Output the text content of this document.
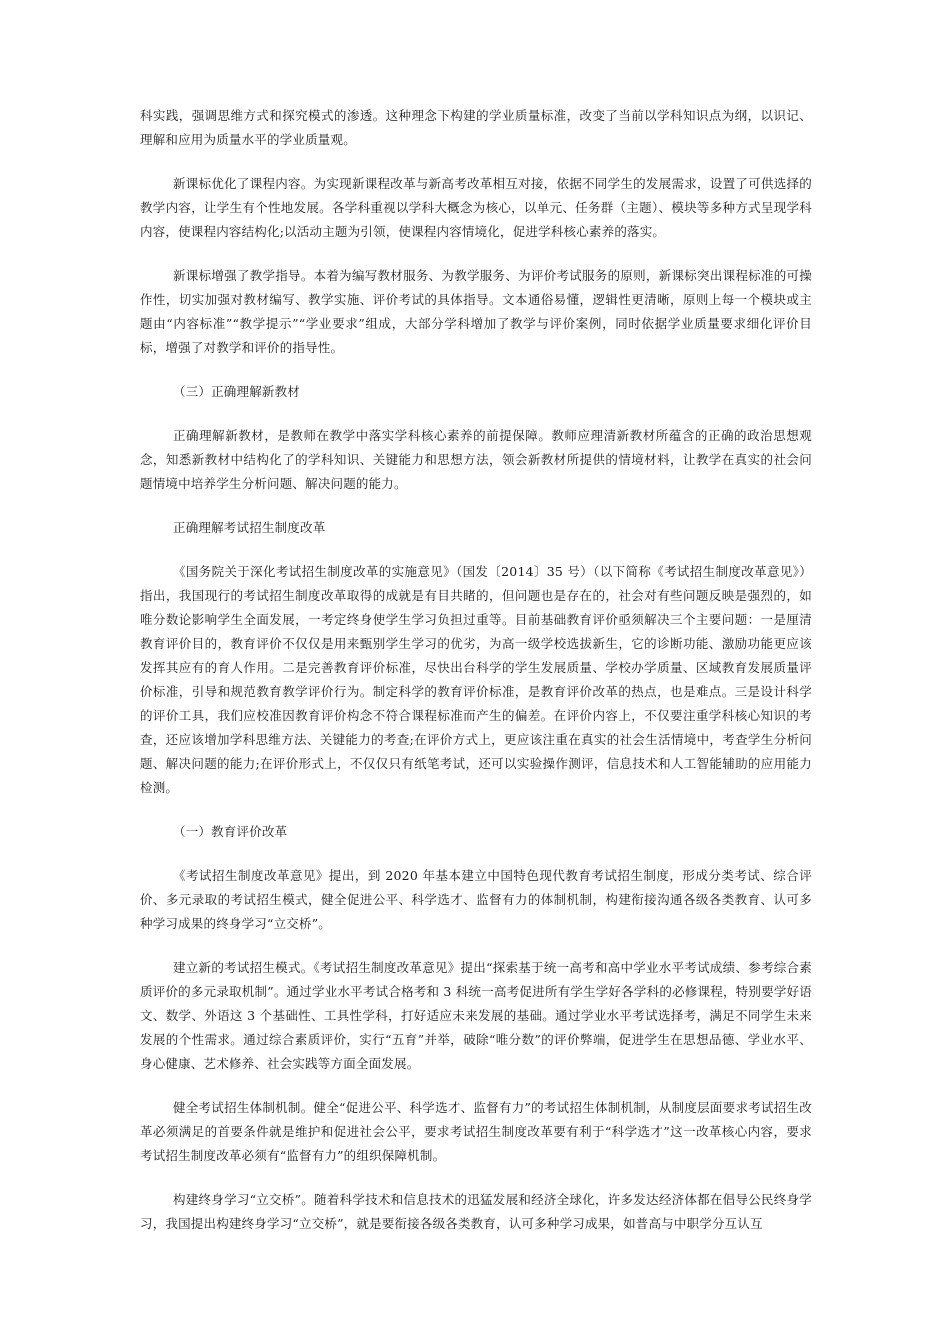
科实践，强调思维方式和探究模式的渗透。这种理念下构建的学业质量标准，改变了当前以学科知识点为纲，以识记、理解和应用为质量水平的学业质量观。

新课标优化了课程内容。为实现新课程改革与新高考改革相互对接，依据不同学生的发展需求，设置了可供选择的教学内容，让学生有个性地发展。各学科重视以学科大概念为核心，以单元、任务群（主题）、模块等多种方式呈现学科内容，使课程内容结构化;以活动主题为引领，使课程内容情境化，促进学科核心素养的落实。

新课标增强了教学指导。本着为编写教材服务、为教学服务、为评价考试服务的原则，新课标突出课程标准的可操作性，切实加强对教材编写、教学实施、评价考试的具体指导。文本通俗易懂，逻辑性更清晰，原则上每一个模块或主题由“内容标准”“教学提示”“学业要求”组成，大部分学科增加了教学与评价案例，同时依据学业质量要求细化评价目标，增强了对教学和评价的指导性。

（三）正确理解新教材

正确理解新教材，是教师在教学中落实学科核心素养的前提保障。教师应理清新教材所蕴含的正确的政治思想观念，知悉新教材中结构化了的学科知识、关键能力和思想方法，领会新教材所提供的情境材料，让教学在真实的社会问题情境中培养学生分析问题、解决问题的能力。

正确理解考试招生制度改革

《国务院关于深化考试招生制度改革的实施意见》（国发〔2014〕35 号）（以下简称《考试招生制度改革意见》）指出，我国现行的考试招生制度改革取得的成就是有目共睹的，但问题也是存在的，社会对有些问题反映是强烈的，如唯分数论影响学生全面发展，一考定终身使学生学习负担过重等。目前基础教育评价亟须解决三个主要问题：一是厘清教育评价目的，教育评价不仅仅是用来甄别学生学习的优劣，为高一级学校选拔新生，它的诊断功能、激励功能更应该发挥其应有的育人作用。二是完善教育评价标准，尽快出台科学的学生发展质量、学校办学质量、区域教育发展质量评价标准，引导和规范教育教学评价行为。制定科学的教育评价标准，是教育评价改革的热点，也是难点。三是设计科学的评价工具，我们应校准因教育评价构念不符合课程标准而产生的偏差。在评价内容上，不仅要注重学科核心知识的考查，还应该增加学科思维方法、关键能力的考查;在评价方式上，更应该注重在真实的社会生活情境中，考查学生分析问题、解决问题的能力;在评价形式上，不仅仅只有纸笔考试，还可以实验操作测评，信息技术和人工智能辅助的应用能力检测。

（一）教育评价改革

《考试招生制度改革意见》提出，到 2020 年基本建立中国特色现代教育考试招生制度，形成分类考试、综合评价、多元录取的考试招生模式，健全促进公平、科学选才、监督有力的体制机制，构建衔接沟通各级各类教育、认可多种学习成果的终身学习“立交桥”。

建立新的考试招生模式。《考试招生制度改革意见》提出“探索基于统一高考和高中学业水平考试成绩、参考综合素质评价的多元录取机制”。通过学业水平考试合格考和 3 科统一高考促进所有学生学好各学科的必修课程，特别要学好语文、数学、外语这 3 个基础性、工具性学科，打好适应未来发展的基础。通过学业水平考试选择考，满足不同学生未来发展的个性需求。通过综合素质评价，实行“五育”并举，破除“唯分数”的评价弊端，促进学生在思想品德、学业水平、身心健康、艺术修养、社会实践等方面全面发展。

健全考试招生体制机制。健全“促进公平、科学选才、监督有力”的考试招生体制机制，从制度层面要求考试招生改革必须满足的首要条件就是维护和促进社会公平，要求考试招生制度改革要有利于“科学选才”这一改革核心内容，要求考试招生制度改革必须有“监督有力”的组织保障机制。

构建终身学习“立交桥”。随着科学技术和信息技术的迅猛发展和经济全球化，许多发达经济体都在倡导公民终身学习，我国提出构建终身学习“立交桥”，就是要衔接各级各类教育，认可多种学习成果，如普高与中职学分互认互
